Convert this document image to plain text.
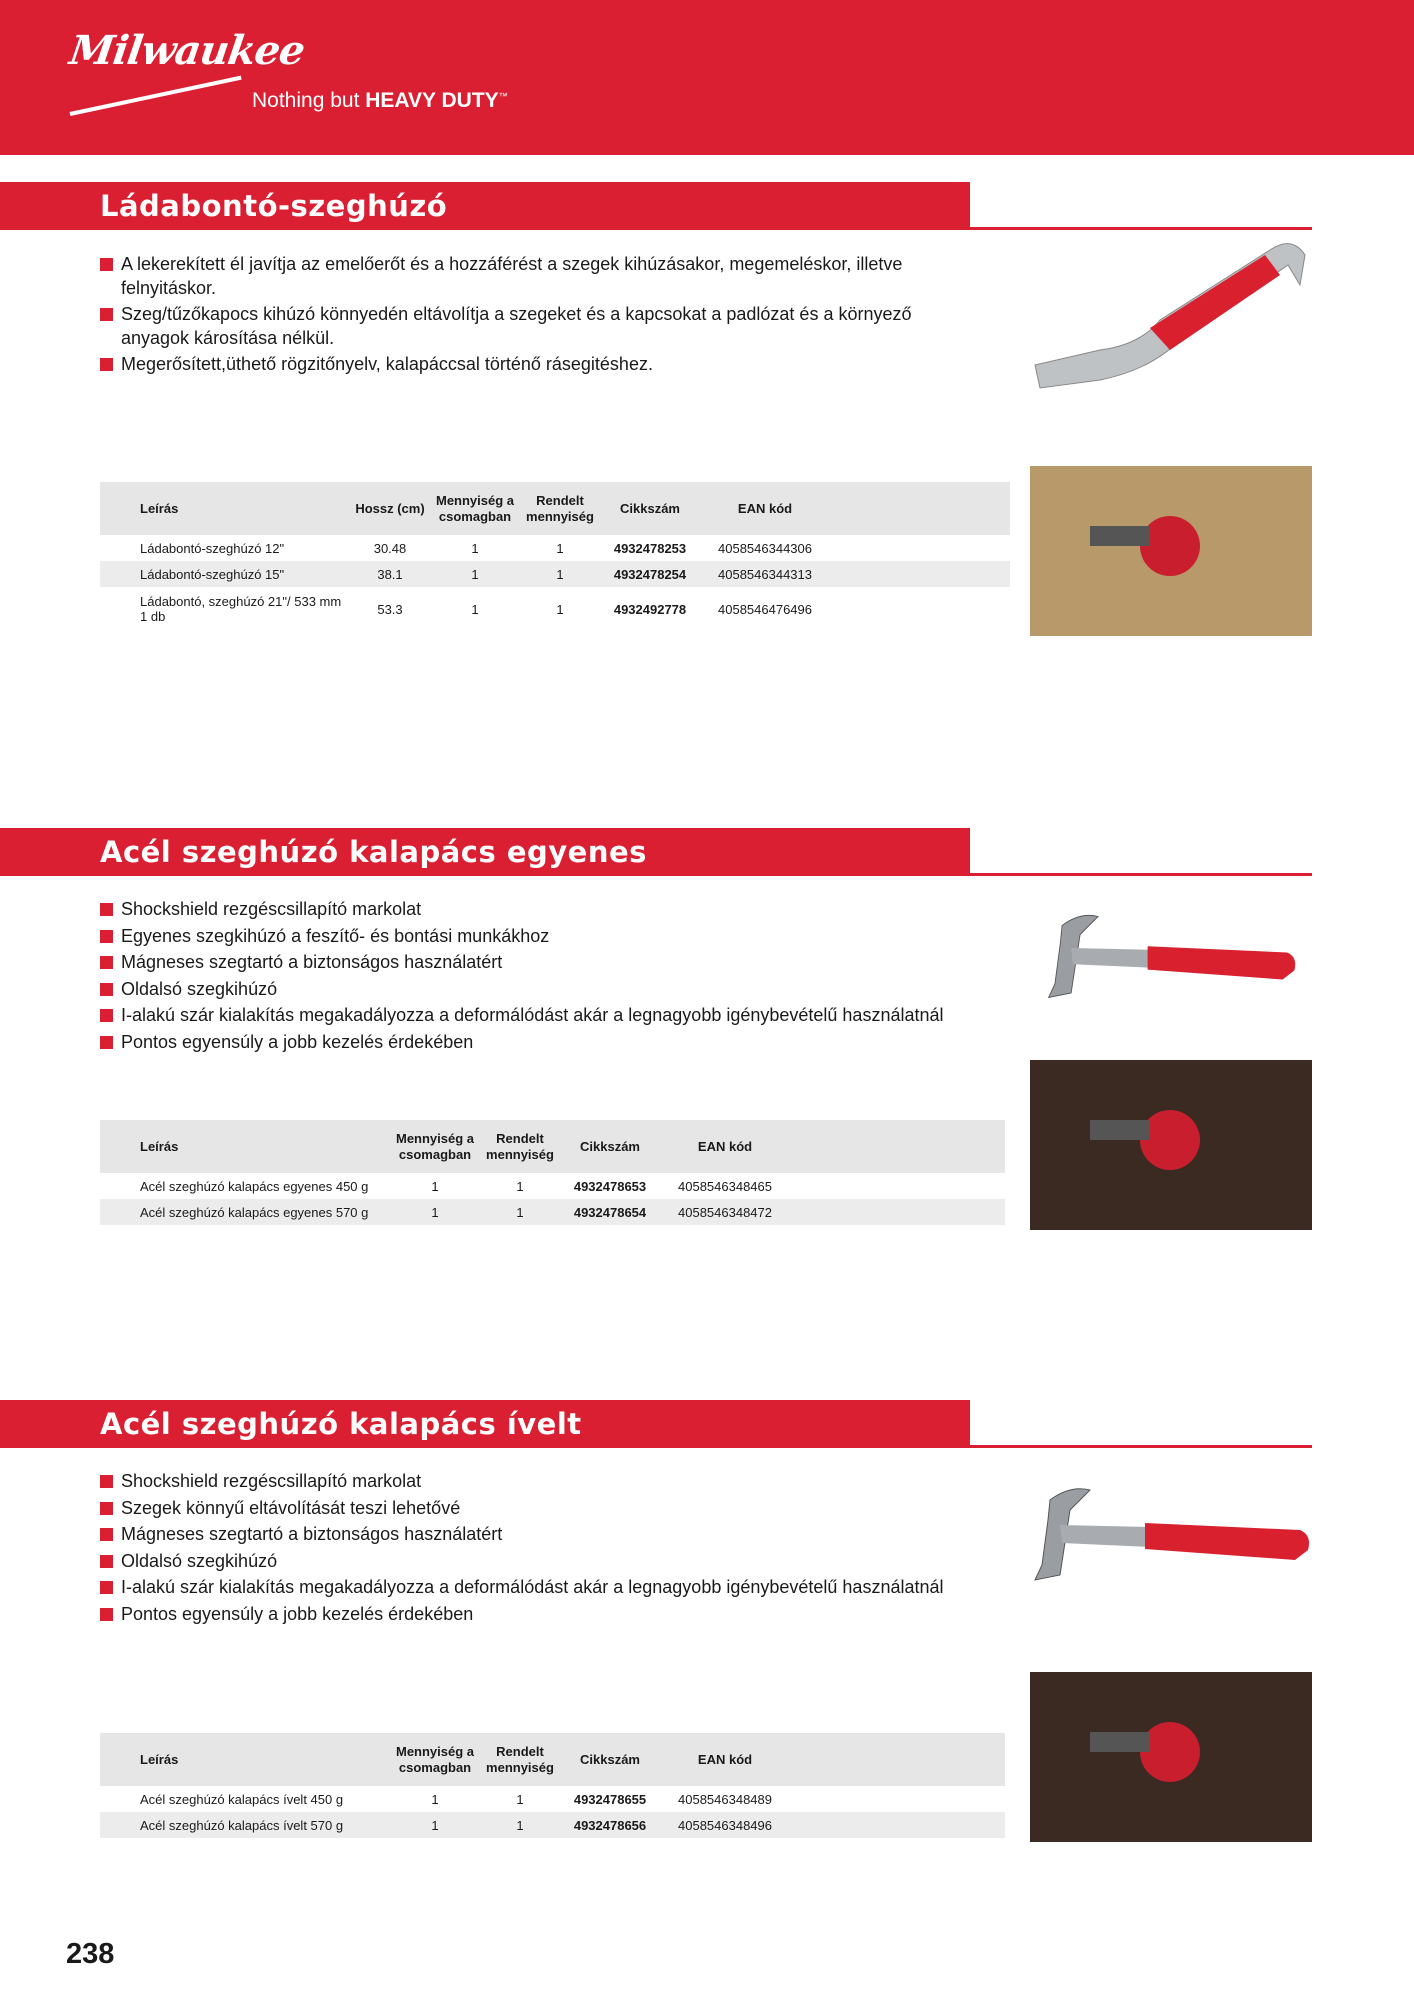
Milwaukee
Nothing but HEAVY DUTY™
Ládabontó-szeghúzó
A lekerekített él javítja az emelőerőt és a hozzáférést a szegek kihúzásakor, megemeléskor, illetve felnyitáskor.
Szeg/tűzőkapocs kihúzó könnyedén eltávolítja a szegeket és a kapcsokat a padlózat és a környező anyagok károsítása nélkül.
Megerősített,üthető rögzitőnyelv, kalapáccsal történő rásegitéshez.
Leírás	Hossz (cm)	Mennyiség a csomagban	Rendelt mennyiség	Cikkszám	EAN kód	
Ládabontó-szeghúzó 12"	30.48	1	1	4932478253	4058546344306	
Ládabontó-szeghúzó 15"	38.1	1	1	4932478254	4058546344313	
Ládabontó, szeghúzó 21"/ 533 mm 1 db	53.3	1	1	4932492778	4058546476496	
Acél szeghúzó kalapács egyenes
Shockshield rezgéscsillapító markolat
Egyenes szegkihúzó a feszítő- és bontási munkákhoz
Mágneses szegtartó a biztonságos használatért
Oldalsó szegkihúzó
I-alakú szár kialakítás megakadályozza a deformálódást akár a legnagyobb igénybevételű használatnál
Pontos egyensúly a jobb kezelés érdekében
Leírás	Mennyiség a csomagban	Rendelt mennyiség	Cikkszám	EAN kód	
Acél szeghúzó kalapács egyenes 450 g	1	1	4932478653	4058546348465	
Acél szeghúzó kalapács egyenes 570 g	1	1	4932478654	4058546348472	
Acél szeghúzó kalapács ívelt
Shockshield rezgéscsillapító markolat
Szegek könnyű eltávolítását teszi lehetővé
Mágneses szegtartó a biztonságos használatért
Oldalsó szegkihúzó
I-alakú szár kialakítás megakadályozza a deformálódást akár a legnagyobb igénybevételű használatnál
Pontos egyensúly a jobb kezelés érdekében
Leírás	Mennyiség a csomagban	Rendelt mennyiség	Cikkszám	EAN kód	
Acél szeghúzó kalapács ívelt 450 g	1	1	4932478655	4058546348489	
Acél szeghúzó kalapács ívelt 570 g	1	1	4932478656	4058546348496	
238
